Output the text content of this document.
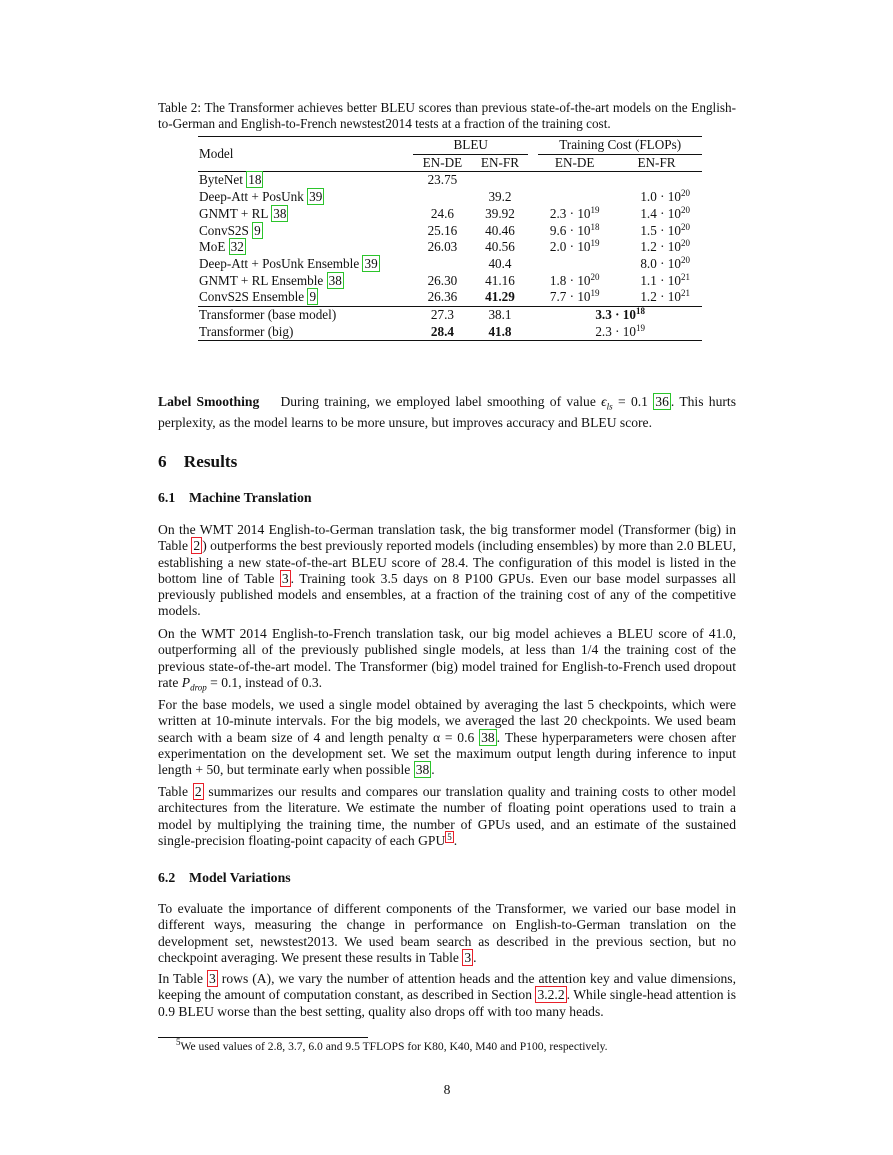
Table 2: The Transformer achieves better BLEU scores than previous state-of-the-art models on the English-to-German and English-to-French newstest2014 tests at a fraction of the training cost.

Model	BLEU			Training Cost (FLOPs)	
	EN-DE	EN-FR		EN-DE	EN-FR
ByteNet 18	23.75				
Deep-Att + PosUnk 39		39.2			$1.0 \cdot 10^{20}$
GNMT + RL 38	24.6	39.92		$2.3 \cdot 10^{19}$	$1.4 \cdot 10^{20}$
ConvS2S 9	25.16	40.46		$9.6 \cdot 10^{18}$	$1.5 \cdot 10^{20}$
MoE 32	26.03	40.56		$2.0 \cdot 10^{19}$	$1.2 \cdot 10^{20}$
Deep-Att + PosUnk Ensemble 39		40.4			$8.0 \cdot 10^{20}$
GNMT + RL Ensemble 38	26.30	41.16		$1.8 \cdot 10^{20}$	$1.1 \cdot 10^{21}$
ConvS2S Ensemble 9	26.36	41.29		$7.7 \cdot 10^{19}$	$1.2 \cdot 10^{21}$
Transformer (base model)	27.3	38.1		$3.3 \cdot 10^{18}$
Transformer (big)	28.4	41.8		$2.3 \cdot 10^{19}$

Label Smoothing During training, we employed label smoothing of value $\epsilon_{ls} = 0.1$ 36 . This hurts perplexity, as the model learns to be more unsure, but improves accuracy and BLEU score.

6 Results
6.1 Machine Translation

On the WMT 2014 English-to-German translation task, the big transformer model (Transformer (big) in Table 2 ) outperforms the best previously reported models (including ensembles) by more than 2.0 BLEU, establishing a new state-of-the-art BLEU score of 28.4. The configuration of this model is listed in the bottom line of Table 3 . Training took 3.5 days on 8 P100 GPUs. Even our base model surpasses all previously published models and ensembles, at a fraction of the training cost of any of the competitive models.

On the WMT 2014 English-to-French translation task, our big model achieves a BLEU score of 41.0, outperforming all of the previously published single models, at less than 1/4 the training cost of the previous state-of-the-art model. The Transformer (big) model trained for English-to-French used dropout rate $P_{drop} = 0.1$, instead of 0.3.

For the base models, we used a single model obtained by averaging the last 5 checkpoints, which were written at 10-minute intervals. For the big models, we averaged the last 20 checkpoints. We used beam search with a beam size of 4 and length penalty α = 0.6 38 . These hyperparameters were chosen after experimentation on the development set. We set the maximum output length during inference to input length + 50, but terminate early when possible 38 .

Table 2 summarizes our results and compares our translation quality and training costs to other model architectures from the literature. We estimate the number of floating point operations used to train a model by multiplying the training time, the number of GPUs used, and an estimate of the sustained single-precision floating-point capacity of each GPU $^5$ .

6.2 Model Variations

To evaluate the importance of different components of the Transformer, we varied our base model in different ways, measuring the change in performance on English-to-German translation on the development set, newstest2013. We used beam search as described in the previous section, but no checkpoint averaging. We present these results in Table 3 .

In Table 3 rows (A), we vary the number of attention heads and the attention key and value dimensions, keeping the amount of computation constant, as described in Section 3.2.2 . While single-head attention is 0.9 BLEU worse than the best setting, quality also drops off with too many heads.

$^5$We used values of 2.8, 3.7, 6.0 and 9.5 TFLOPS for K80, K40, M40 and P100, respectively.
8
